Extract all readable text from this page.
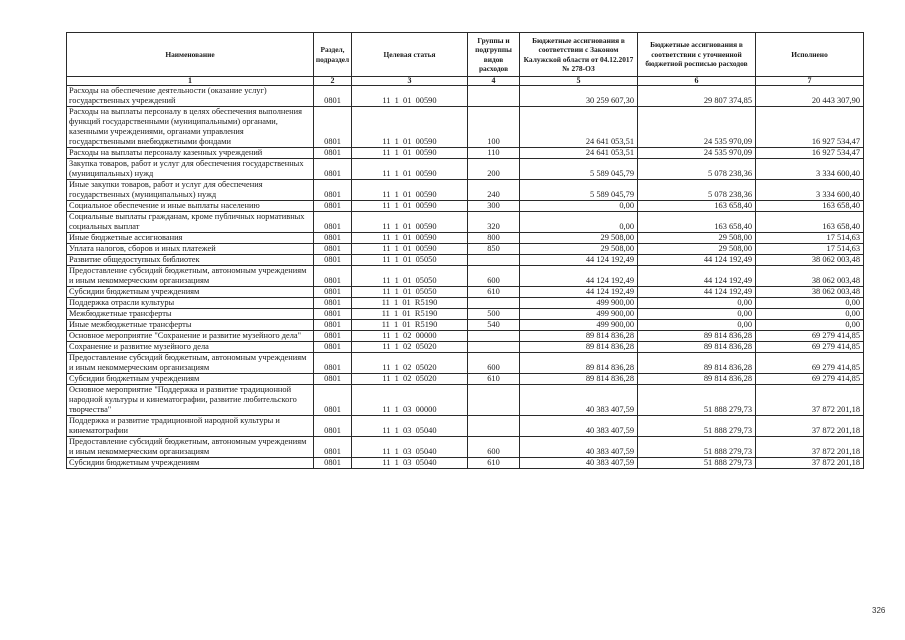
Наименование	Раздел, подраздел	Целевая статья	Группы и подгруппы видов расходов	Бюджетные ассигнования в соответствии с Законом Калужской области от 04.12.2017 № 278-ОЗ	Бюджетные ассигнования в соответствии с уточненной бюджетной росписью расходов	Исполнено
1	2	3	4	5	6	7
Расходы на обеспечение деятельности (оказание услуг) государственных учреждений	0801	11  1  01  00590		30 259 607,30	29 807 374,85	20 443 307,90
Расходы на выплаты персоналу в целях обеспечения выполнения функций государственными (муниципальными) органами, казенными учреждениями, органами управления государственными внебюджетными фондами	0801	11  1  01  00590	100	24 641 053,51	24 535 970,09	16 927 534,47
Расходы на выплаты персоналу казенных учреждений	0801	11  1  01  00590	110	24 641 053,51	24 535 970,09	16 927 534,47
Закупка товаров, работ и услуг для обеспечения государственных (муниципальных) нужд	0801	11  1  01  00590	200	5 589 045,79	5 078 238,36	3 334 600,40
Иные закупки товаров, работ и услуг для обеспечения государственных (муниципальных) нужд	0801	11  1  01  00590	240	5 589 045,79	5 078 238,36	3 334 600,40
Социальное обеспечение и иные выплаты населению	0801	11  1  01  00590	300	0,00	163 658,40	163 658,40
Социальные выплаты гражданам, кроме публичных нормативных социальных выплат	0801	11  1  01  00590	320	0,00	163 658,40	163 658,40
Иные бюджетные ассигнования	0801	11  1  01  00590	800	29 508,00	29 508,00	17 514,63
Уплата налогов, сборов и иных платежей	0801	11  1  01  00590	850	29 508,00	29 508,00	17 514,63
Развитие общедоступных библиотек	0801	11  1  01  05050		44 124 192,49	44 124 192,49	38 062 003,48
Предоставление субсидий бюджетным, автономным учреждениям и иным некоммерческим организациям	0801	11  1  01  05050	600	44 124 192,49	44 124 192,49	38 062 003,48
Субсидии бюджетным учреждениям	0801	11  1  01  05050	610	44 124 192,49	44 124 192,49	38 062 003,48
Поддержка отрасли культуры	0801	11  1  01  R5190		499 900,00	0,00	0,00
Межбюджетные трансферты	0801	11  1  01  R5190	500	499 900,00	0,00	0,00
Иные межбюджетные трансферты	0801	11  1  01  R5190	540	499 900,00	0,00	0,00
Основное мероприятие "Сохранение и развитие музейного дела"	0801	11  1  02  00000		89 814 836,28	89 814 836,28	69 279 414,85
Сохранение и развитие музейного дела	0801	11  1  02  05020		89 814 836,28	89 814 836,28	69 279 414,85
Предоставление субсидий бюджетным, автономным учреждениям и иным некоммерческим организациям	0801	11  1  02  05020	600	89 814 836,28	89 814 836,28	69 279 414,85
Субсидии бюджетным учреждениям	0801	11  1  02  05020	610	89 814 836,28	89 814 836,28	69 279 414,85
Основное мероприятие "Поддержка и развитие традиционной народной культуры и кинематографии, развитие любительского творчества"	0801	11  1  03  00000		40 383 407,59	51 888 279,73	37 872 201,18
Поддержка и развитие традиционной народной культуры и кинематографии	0801	11  1  03  05040		40 383 407,59	51 888 279,73	37 872 201,18
Предоставление субсидий бюджетным, автономным учреждениям и иным некоммерческим организациям	0801	11  1  03  05040	600	40 383 407,59	51 888 279,73	37 872 201,18
Субсидии бюджетным учреждениям	0801	11  1  03  05040	610	40 383 407,59	51 888 279,73	37 872 201,18
326
